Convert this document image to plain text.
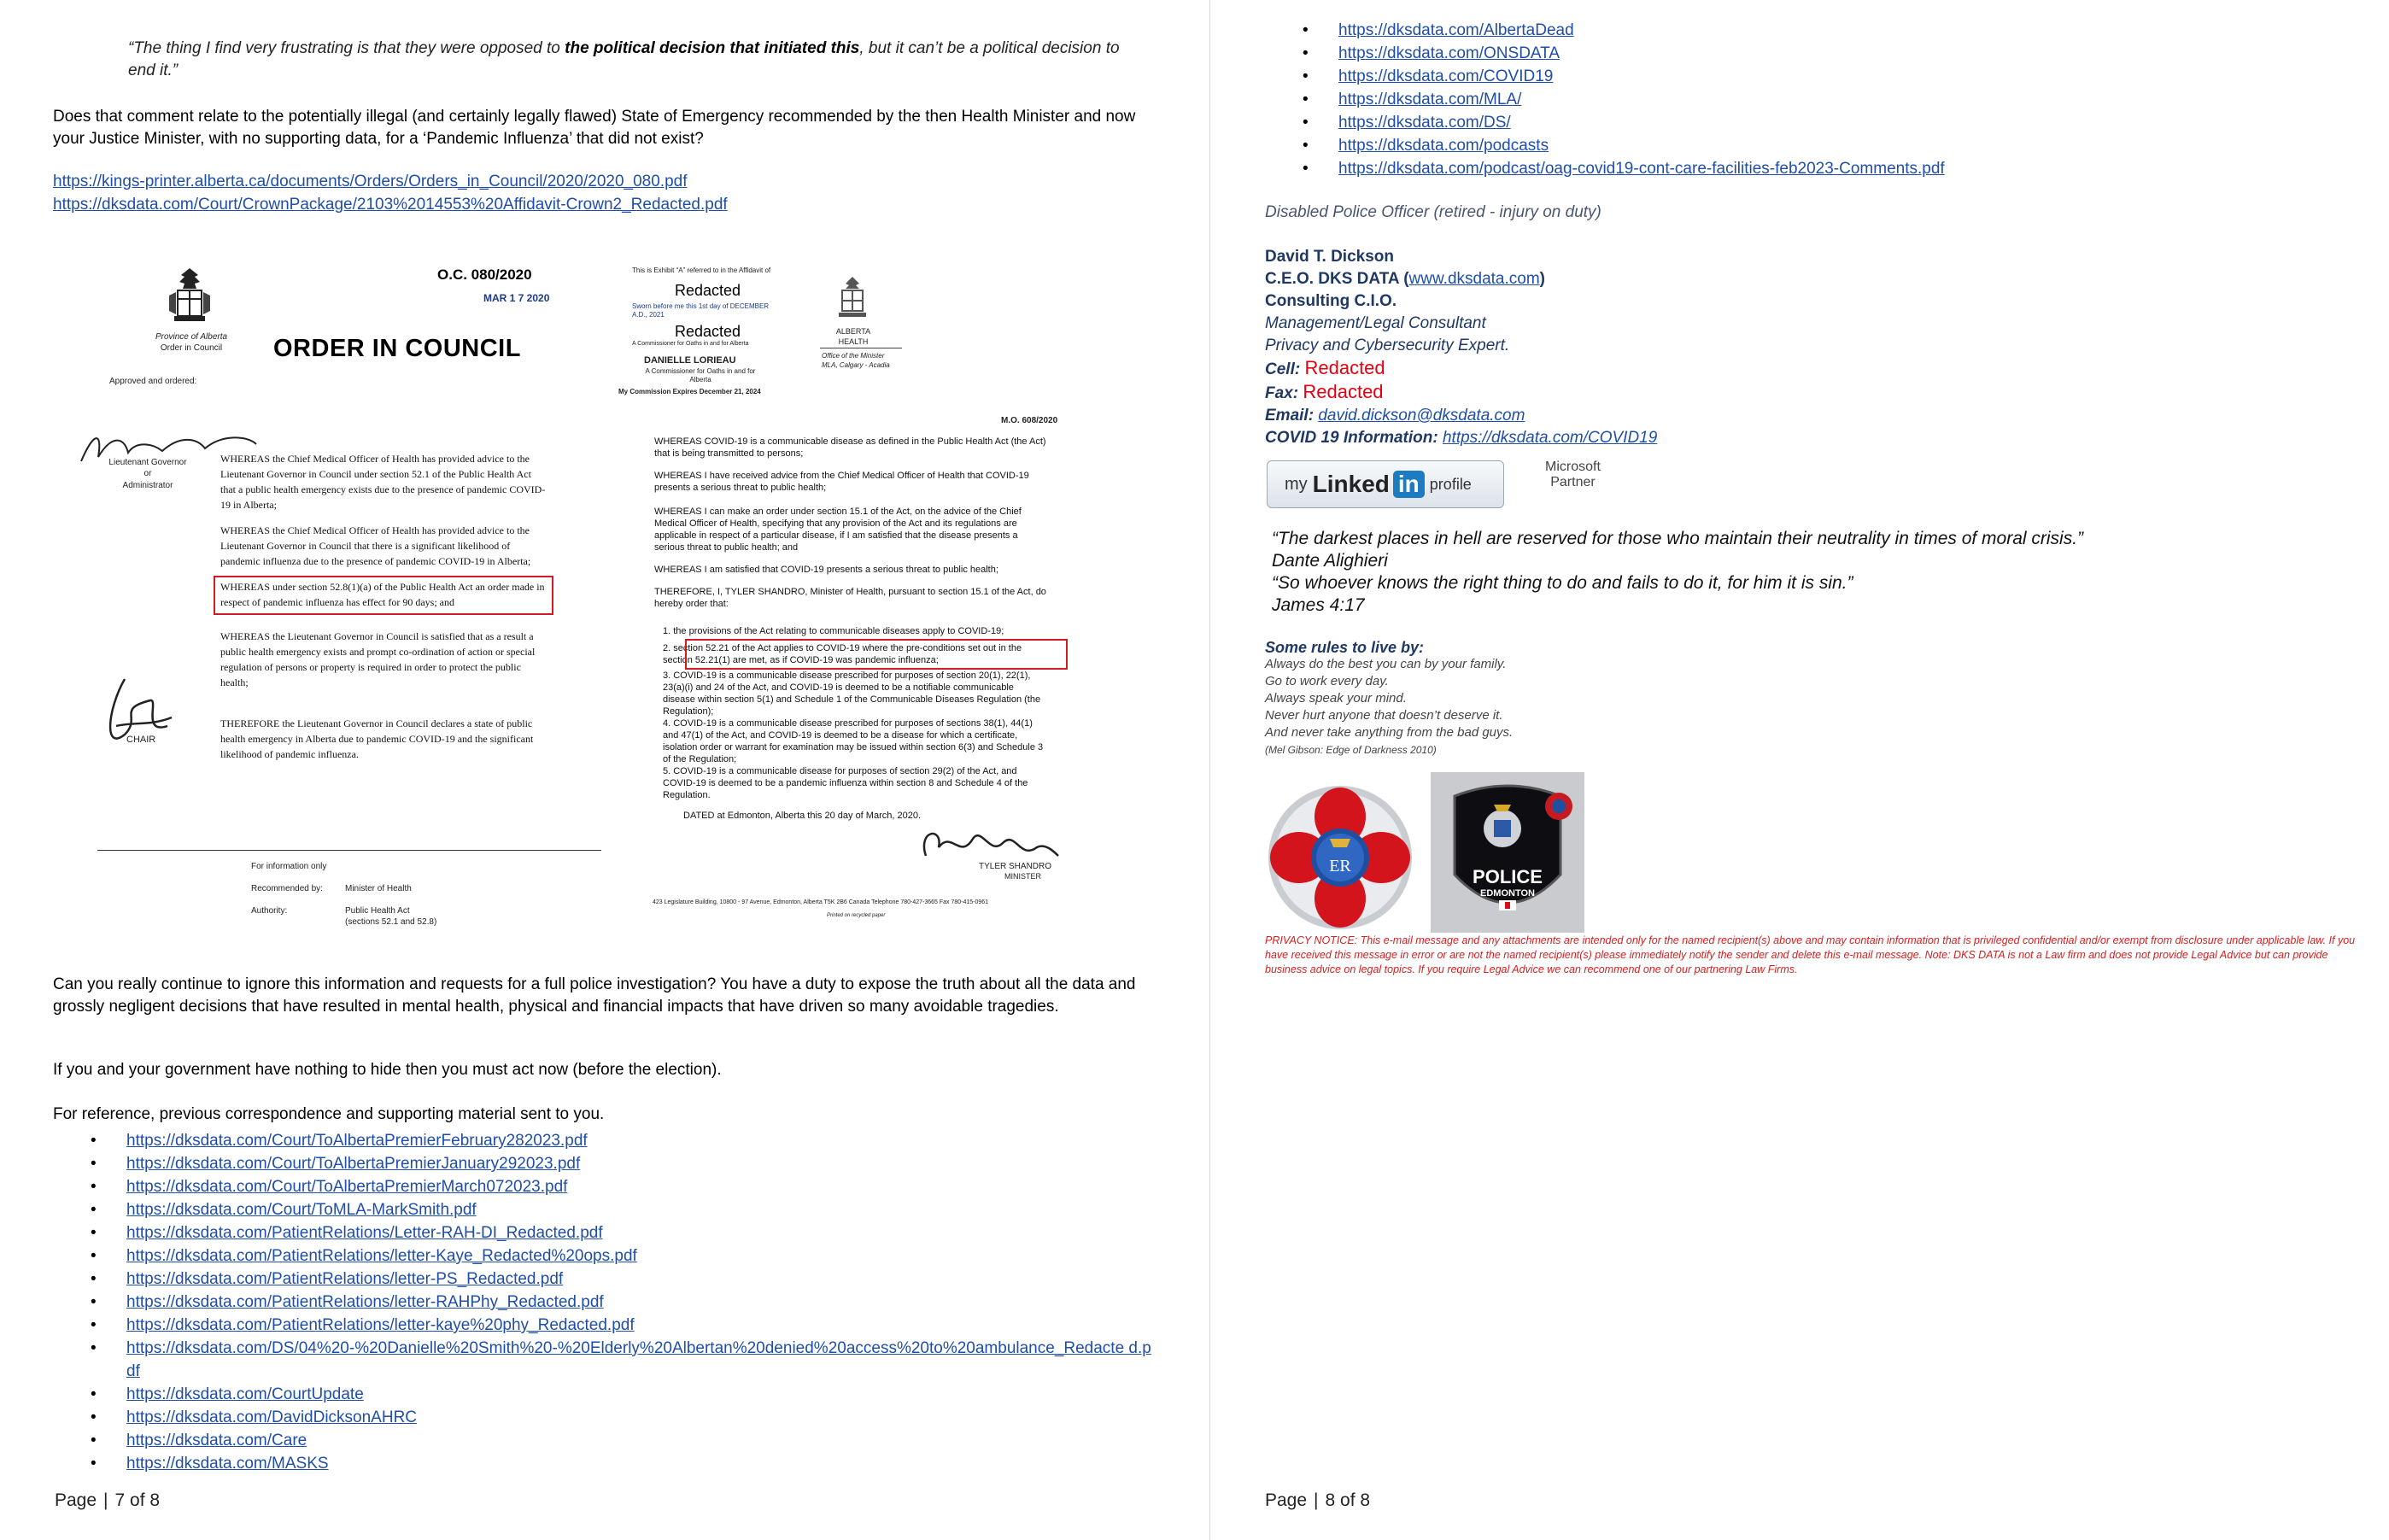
“The thing I find very frustrating is that they were opposed to the political decision that initiated this, but it can’t be a political decision to end it.”
Does that comment relate to the potentially illegal (and certainly legally flawed) State of Emergency recommended by the then Health Minister and now your Justice Minister, with no supporting data, for a ‘Pandemic Influenza’ that did not exist?
https://kings-printer.alberta.ca/documents/Orders/Orders_in_Council/2020/2020_080.pdf
https://dksdata.com/Court/CrownPackage/2103%2014553%20Affidavit-Crown2_Redacted.pdf
Province of Alberta
Order in Council
Approved and ordered:
O.C. 080/2020
MAR 1 7 2020
ORDER IN COUNCIL
Lieutenant Governor
or
Administrator
WHEREAS the Chief Medical Officer of Health has provided advice to the Lieutenant Governor in Council under section 52.1 of the Public Health Act that a public health emergency exists due to the presence of pandemic COVID-19 in Alberta;
WHEREAS the Chief Medical Officer of Health has provided advice to the Lieutenant Governor in Council that there is a significant likelihood of pandemic influenza due to the presence of pandemic COVID-19 in Alberta;
WHEREAS under section 52.8(1)(a) of the Public Health Act an order made in respect of pandemic influenza has effect for 90 days; and
WHEREAS the Lieutenant Governor in Council is satisfied that as a result a public health emergency exists and prompt co-ordination of action or special regulation of persons or property is required in order to protect the public health;
THEREFORE the Lieutenant Governor in Council declares a state of public health emergency in Alberta due to pandemic COVID-19 and the significant likelihood of pandemic influenza.
CHAIR
For information only
Recommended by:	Minister of Health
Authority:	Public Health Act
(sections 52.1 and 52.8)
This is Exhibit “A” referred to in the Affidavit of
Redacted
Sworn before me this 1st day of DECEMBER A.D., 2021
Redacted
A Commissioner for Oaths in and for Alberta
DANIELLE LORIEAU
A Commissioner for Oaths in and for Alberta
My Commission Expires December 21, 2024
ALBERTA
HEALTH
Office of the Minister
MLA, Calgary - Acadia
M.O. 608/2020
WHEREAS COVID-19 is a communicable disease as defined in the Public Health Act (the Act) that is being transmitted to persons;
WHEREAS I have received advice from the Chief Medical Officer of Health that COVID-19 presents a serious threat to public health;
WHEREAS I can make an order under section 15.1 of the Act, on the advice of the Chief Medical Officer of Health, specifying that any provision of the Act and its regulations are applicable in respect of a particular disease, if I am satisfied that the disease presents a serious threat to public health; and
WHEREAS I am satisfied that COVID-19 presents a serious threat to public health;
THEREFORE, I, TYLER SHANDRO, Minister of Health, pursuant to section 15.1 of the Act, do hereby order that:
1. the provisions of the Act relating to communicable diseases apply to COVID-19;
2. section 52.21 of the Act applies to COVID-19 where the pre-conditions set out in the section 52.21(1) are met, as if COVID-19 was pandemic influenza;
3. COVID-19 is a communicable disease prescribed for purposes of section 20(1), 22(1), 23(a)(i) and 24 of the Act, and COVID-19 is deemed to be a notifiable communicable disease within section 5(1) and Schedule 1 of the Communicable Diseases Regulation (the Regulation);
4. COVID-19 is a communicable disease prescribed for purposes of sections 38(1), 44(1) and 47(1) of the Act, and COVID-19 is deemed to be a disease for which a certificate, isolation order or warrant for examination may be issued within section 6(3) and Schedule 3 of the Regulation;
5. COVID-19 is a communicable disease for purposes of section 29(2) of the Act, and COVID-19 is deemed to be a pandemic influenza within section 8 and Schedule 4 of the Regulation.
DATED at Edmonton, Alberta this 20 day of March, 2020.
TYLER SHANDRO
MINISTER
423 Legislature Building, 10800 - 97 Avenue, Edmonton, Alberta T5K 2B6 Canada Telephone 780-427-3665 Fax 780-415-0961
Printed on recycled paper
Can you really continue to ignore this information and requests for a full police investigation? You have a duty to expose the truth about all the data and grossly negligent decisions that have resulted in mental health, physical and financial impacts that have driven so many avoidable tragedies.
If you and your government have nothing to hide then you must act now (before the election).
For reference, previous correspondence and supporting material sent to you.
• https://dksdata.com/Court/ToAlbertaPremierFebruary282023.pdf
• https://dksdata.com/Court/ToAlbertaPremierJanuary292023.pdf
• https://dksdata.com/Court/ToAlbertaPremierMarch072023.pdf
• https://dksdata.com/Court/ToMLA-MarkSmith.pdf
• https://dksdata.com/PatientRelations/Letter-RAH-DI_Redacted.pdf
• https://dksdata.com/PatientRelations/letter-Kaye_Redacted%20ops.pdf
• https://dksdata.com/PatientRelations/letter-PS_Redacted.pdf
• https://dksdata.com/PatientRelations/letter-RAHPhy_Redacted.pdf
• https://dksdata.com/PatientRelations/letter-kaye%20phy_Redacted.pdf
• https://dksdata.com/DS/04%20-%20Danielle%20Smith%20-%20Elderly%20Albertan%20denied%20access%20to%20ambulance_Redacte d.pdf
• https://dksdata.com/CourtUpdate
• https://dksdata.com/DavidDicksonAHRC
• https://dksdata.com/Care
• https://dksdata.com/MASKS
Page | 7 of 8
• https://dksdata.com/AlbertaDead
• https://dksdata.com/ONSDATA
• https://dksdata.com/COVID19
• https://dksdata.com/MLA/
• https://dksdata.com/DS/
• https://dksdata.com/podcasts
• https://dksdata.com/podcast/oag-covid19-cont-care-facilities-feb2023-Comments.pdf
Disabled Police Officer (retired - injury on duty)
David T. Dickson
C.E.O. DKS DATA (www.dksdata.com)
Consulting C.I.O.
Management/Legal Consultant
Privacy and Cybersecurity Expert.
Cell: Redacted
Fax: Redacted
Email: david.dickson@dksdata.com
COVID 19 Information: https://dksdata.com/COVID19
my Linked in profile
Microsoft
Partner
“The darkest places in hell are reserved for those who maintain their neutrality in times of moral crisis.”
Dante Alighieri
“So whoever knows the right thing to do and fails to do it, for him it is sin.”
James 4:17
Some rules to live by:
Always do the best you can by your family.
Go to work every day.
Always speak your mind.
Never hurt anyone that doesn’t deserve it.
And never take anything from the bad guys.
(Mel Gibson: Edge of Darkness 2010)
ER	POLICE
EDMONTON
PRIVACY NOTICE: This e-mail message and any attachments are intended only for the named recipient(s) above and may contain information that is privileged confidential and/or exempt from disclosure under applicable law. If you have received this message in error or are not the named recipient(s) please immediately notify the sender and delete this e-mail message. Note: DKS DATA is not a Law firm and does not provide Legal Advice but can provide business advice on legal topics. If you require Legal Advice we can recommend one of our partnering Law Firms.
Page | 8 of 8
